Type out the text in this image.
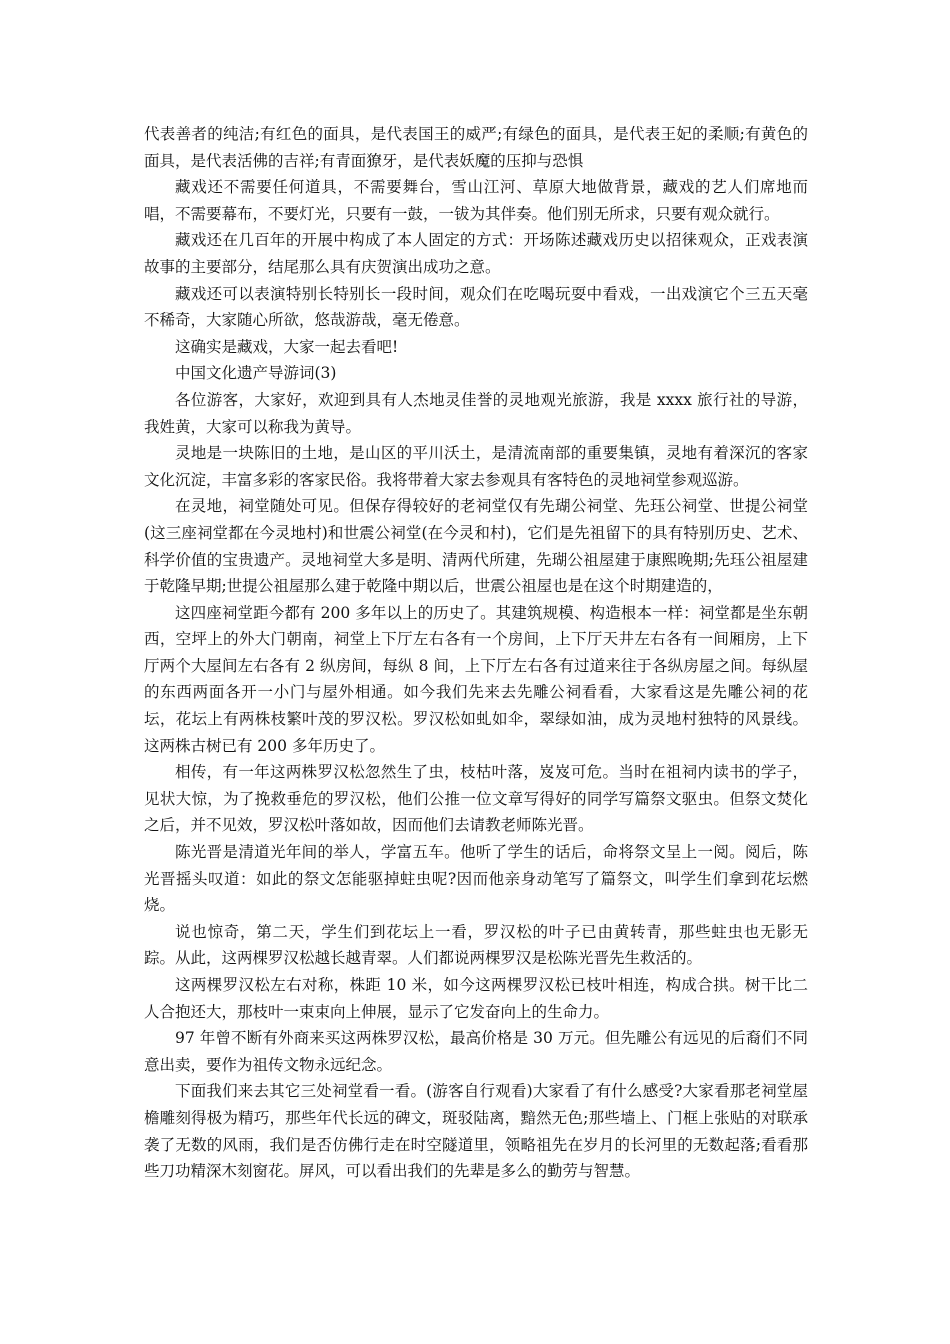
代表善者的纯洁;有红色的面具，是代表国王的威严;有绿色的面具，是代表王妃的柔顺;有黄色的面具，是代表活佛的吉祥;有青面獠牙，是代表妖魔的压抑与恐惧

藏戏还不需要任何道具，不需要舞台，雪山江河、草原大地做背景，藏戏的艺人们席地而唱，不需要幕布，不要灯光，只要有一鼓，一钹为其伴奏。他们别无所求，只要有观众就行。

藏戏还在几百年的开展中构成了本人固定的方式：开场陈述藏戏历史以招徕观众，正戏表演故事的主要部分，结尾那么具有庆贺演出成功之意。

藏戏还可以表演特别长特别长一段时间，观众们在吃喝玩耍中看戏，一出戏演它个三五天毫不稀奇，大家随心所欲，悠哉游哉，毫无倦意。

这确实是藏戏，大家一起去看吧!

中国文化遗产导游词(3)

各位游客，大家好，欢迎到具有人杰地灵佳誉的灵地观光旅游，我是 xxxx 旅行社的导游，我姓黄，大家可以称我为黄导。

灵地是一块陈旧的土地，是山区的平川沃土，是清流南部的重要集镇，灵地有着深沉的客家文化沉淀，丰富多彩的客家民俗。我将带着大家去参观具有客特色的灵地祠堂参观巡游。

在灵地，祠堂随处可见。但保存得较好的老祠堂仅有先瑚公祠堂、先珏公祠堂、世提公祠堂(这三座祠堂都在今灵地村)和世震公祠堂(在今灵和村)，它们是先祖留下的具有特别历史、艺术、科学价值的宝贵遗产。灵地祠堂大多是明、清两代所建，先瑚公祖屋建于康熙晚期;先珏公祖屋建于乾隆早期;世提公祖屋那么建于乾隆中期以后，世震公祖屋也是在这个时期建造的，

这四座祠堂距今都有 200 多年以上的历史了。其建筑规模、构造根本一样：祠堂都是坐东朝西，空坪上的外大门朝南，祠堂上下厅左右各有一个房间，上下厅天井左右各有一间厢房，上下厅两个大屋间左右各有 2 纵房间，每纵 8 间，上下厅左右各有过道来往于各纵房屋之间。每纵屋的东西两面各开一小门与屋外相通。如今我们先来去先雕公祠看看，大家看这是先雕公祠的花坛，花坛上有两株枝繁叶茂的罗汉松。罗汉松如虬如伞，翠绿如油，成为灵地村独特的风景线。这两株古树已有 200 多年历史了。

相传，有一年这两株罗汉松忽然生了虫，枝枯叶落，岌岌可危。当时在祖祠内读书的学子，见状大惊，为了挽救垂危的罗汉松，他们公推一位文章写得好的同学写篇祭文驱虫。但祭文焚化之后，并不见效，罗汉松叶落如故，因而他们去请教老师陈光晋。

陈光晋是清道光年间的举人，学富五车。他听了学生的话后，命将祭文呈上一阅。阅后，陈光晋摇头叹道：如此的祭文怎能驱掉蛀虫呢?因而他亲身动笔写了篇祭文，叫学生们拿到花坛燃烧。

说也惊奇，第二天，学生们到花坛上一看，罗汉松的叶子已由黄转青，那些蛀虫也无影无踪。从此，这两棵罗汉松越长越青翠。人们都说两棵罗汉是松陈光晋先生救活的。

这两棵罗汉松左右对称，株距 10 米，如今这两棵罗汉松已枝叶相连，构成合拱。树干比二人合抱还大，那枝叶一束束向上伸展，显示了它发奋向上的生命力。

97 年曾不断有外商来买这两株罗汉松，最高价格是 30 万元。但先雕公有远见的后裔们不同意出卖，要作为祖传文物永远纪念。

下面我们来去其它三处祠堂看一看。(游客自行观看)大家看了有什么感受?大家看那老祠堂屋檐雕刻得极为精巧，那些年代长远的碑文，斑驳陆离，黯然无色;那些墙上、门框上张贴的对联承袭了无数的风雨，我们是否仿佛行走在时空隧道里，领略祖先在岁月的长河里的无数起落;看看那些刀功精深木刻窗花。屏风，可以看出我们的先辈是多么的勤劳与智慧。
